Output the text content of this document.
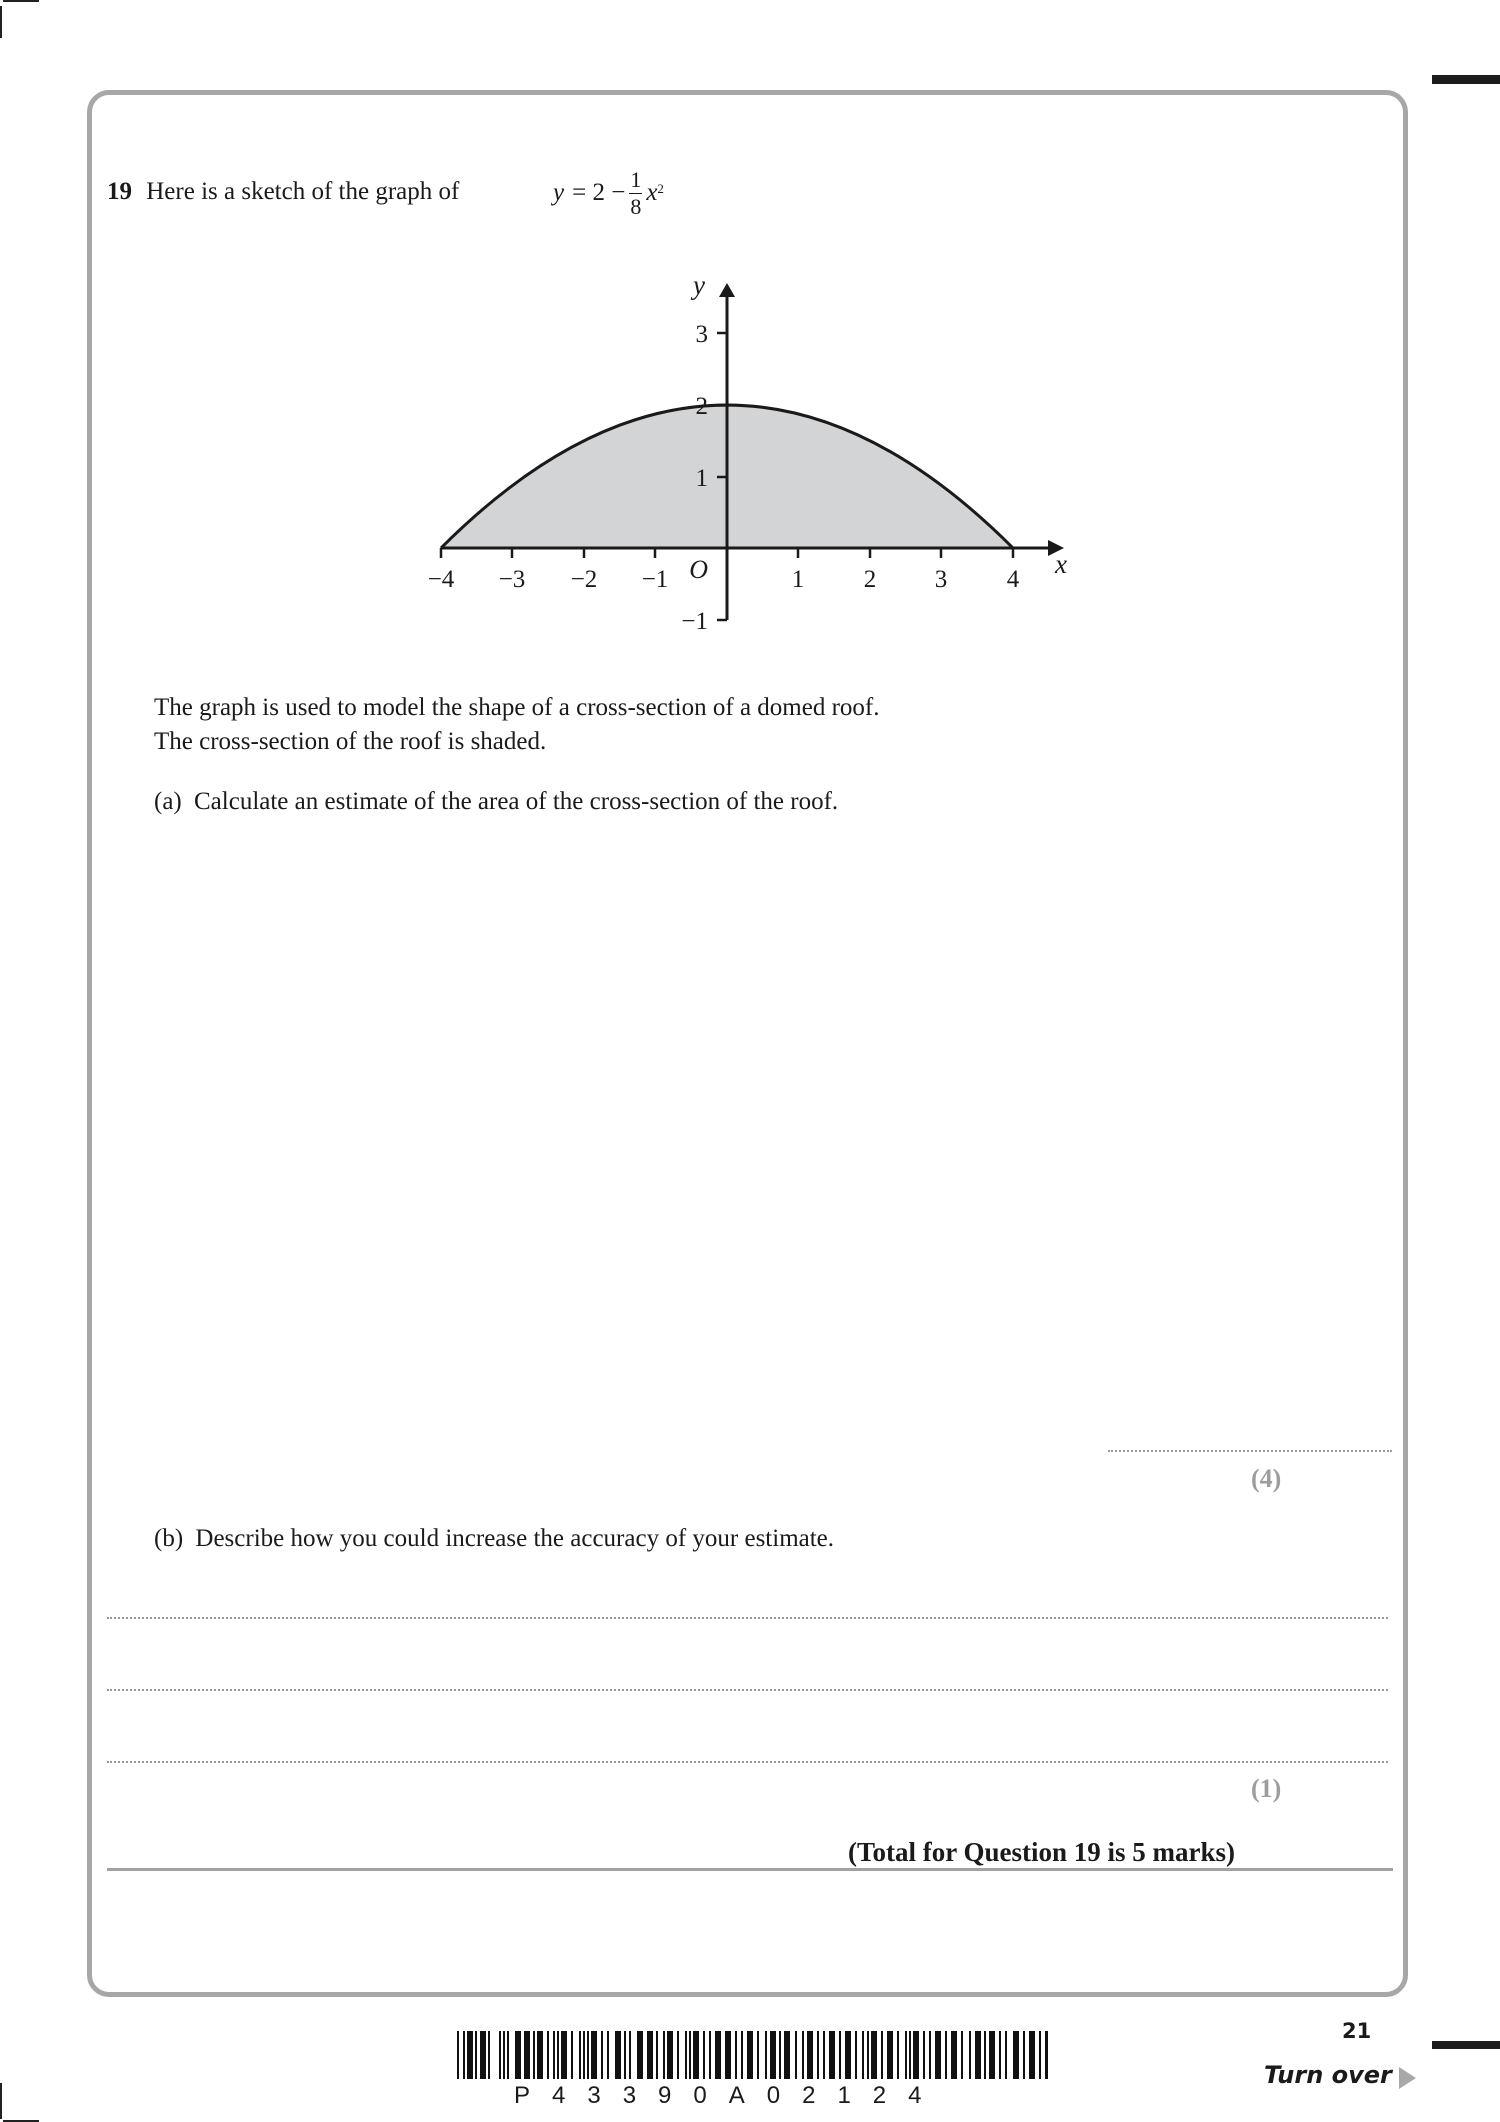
19 Here is a sketch of the graph of	$y = 2 - \frac{1}{8} x^2$
−4 −3 −2 −1	1 2 3 4
3
2
1
−1
O	x
y
The graph is used to model the shape of a cross-section of a domed roof.
The cross-section of the roof is shaded.
(a) Calculate an estimate of the area of the cross-section of the roof.
(4)
(b) Describe how you could increase the accuracy of your estimate.
(1)
(Total for Question 19 is 5 marks)
21
P43390A02124
Turn over
